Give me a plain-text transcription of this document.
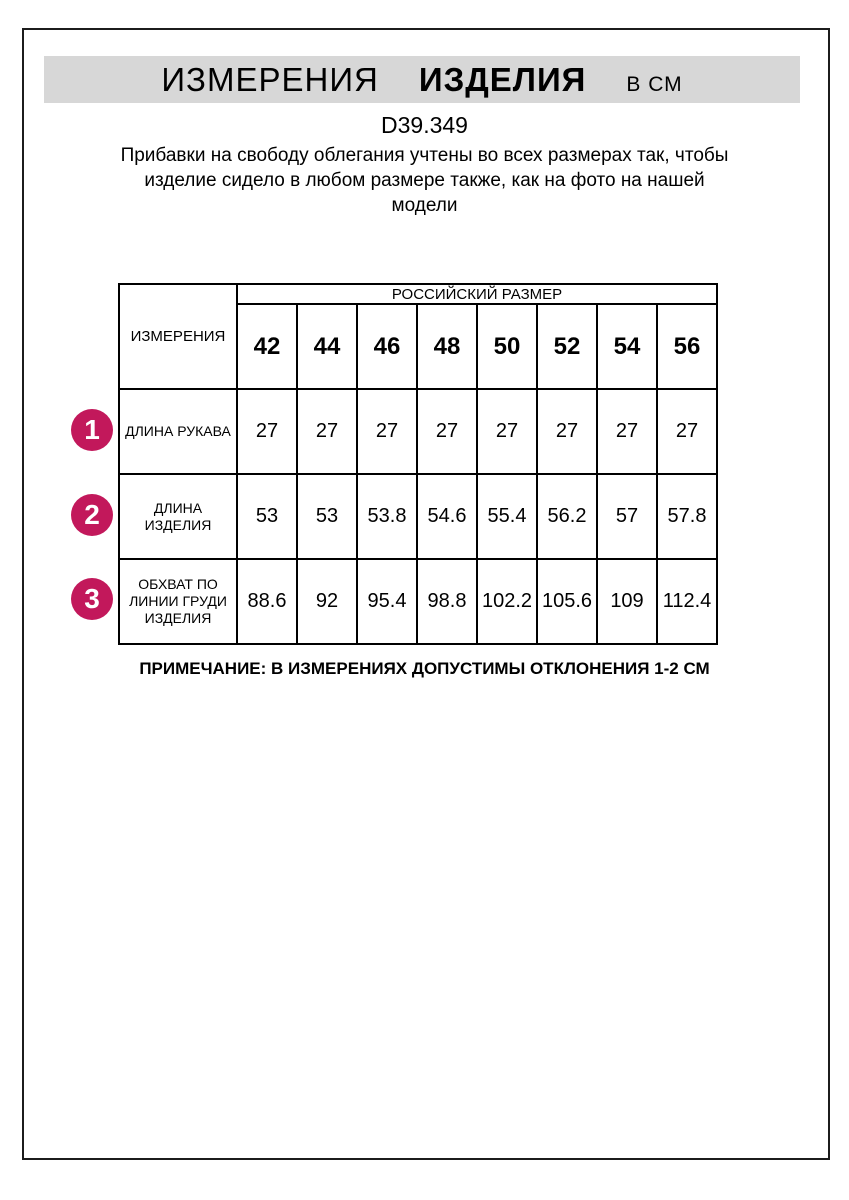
ИЗМЕРЕНИЯ ИЗДЕЛИЯ В СМ
D39.349
Прибавки на свободу облегания учтены во всех размерах так, чтобы
изделие сидело в любом размере также, как на фото на нашей
модели
ИЗМЕРЕНИЯ	РОССИЙСКИЙ РАЗМЕР							
	42	44	46	48	50	52	54	56

ДЛИНА РУКАВА	27	27	27	27	27	27	27	27

ДЛИНА
ИЗДЕЛИЯ	53	53	53.8	54.6	55.4	56.2	57	57.8

ОБХВАТ ПО
ЛИНИИ ГРУДИ
ИЗДЕЛИЯ	88.6	92	95.4	98.8	102.2	105.6	109	112.4
1
2
3
ПРИМЕЧАНИЕ: В ИЗМЕРЕНИЯХ ДОПУСТИМЫ ОТКЛОНЕНИЯ 1-2 СМ
